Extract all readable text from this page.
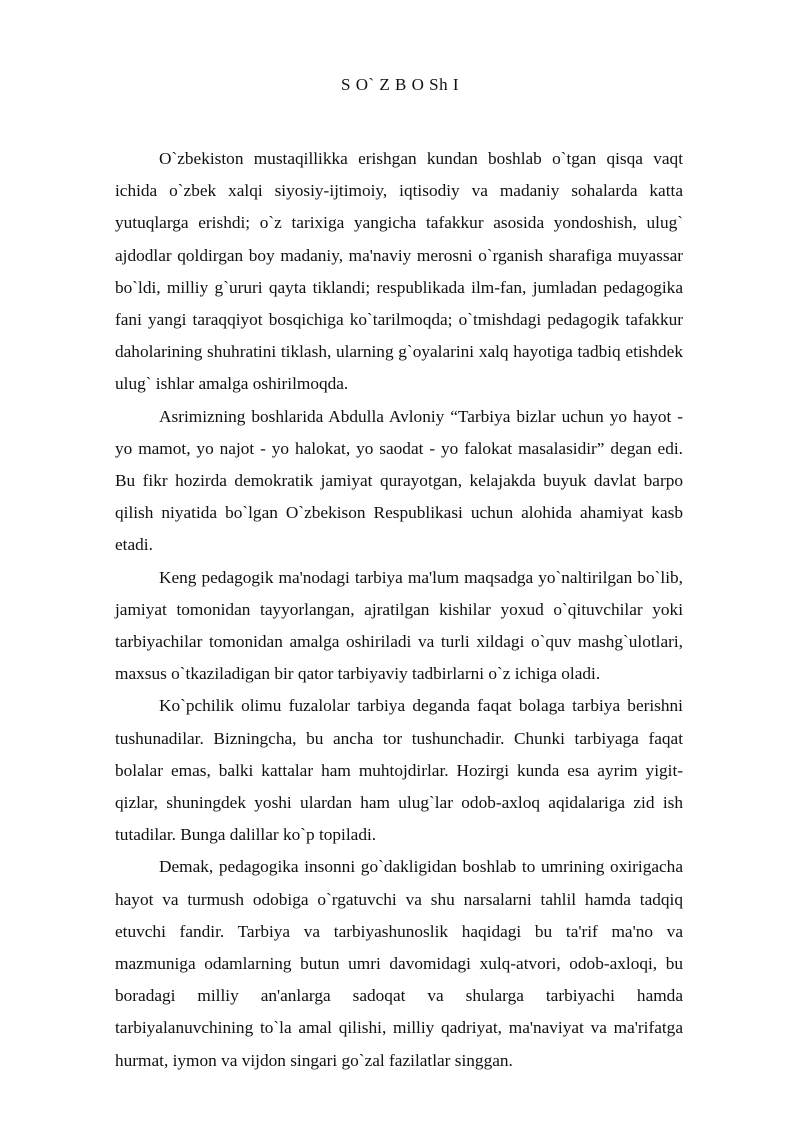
S O` Z B O Sh I

O`zbekiston mustaqillikka erishgan kundan boshlab o`tgan qisqa vaqt ichida o`zbek xalqi siyosiy-ijtimoiy, iqtisodiy va madaniy sohalarda katta yutuqlarga erishdi; o`z tarixiga yangicha tafakkur asosida yondoshish, ulug` ajdodlar qoldirgan boy madaniy, ma'naviy merosni o`rganish sharafiga muyassar bo`ldi, milliy g`ururi qayta tiklandi; respublikada ilm-fan, jumladan pedagogika fani yangi taraqqiyot bosqichiga ko`tarilmoqda; o`tmishdagi pedagogik tafakkur daholarining shuhratini tiklash, ularning g`oyalarini xalq hayotiga tadbiq etishdek ulug` ishlar amalga oshirilmoqda.

Asrimizning boshlarida Abdulla Avloniy “Tarbiya bizlar uchun yo hayot - yo mamot, yo najot - yo halokat, yo saodat - yo falokat masalasidir” degan edi. Bu fikr hozirda demokratik jamiyat qurayotgan, kelajakda buyuk davlat barpo qilish niyatida bo`lgan O`zbekison Respublikasi uchun alohida ahamiyat kasb etadi.

Keng pedagogik ma'nodagi tarbiya ma'lum maqsadga yo`naltirilgan bo`lib, jamiyat tomonidan tayyorlangan, ajratilgan kishilar yoxud o`qituvchilar yoki tarbiyachilar tomonidan amalga oshiriladi va turli xildagi o`quv mashg`ulotlari, maxsus o`tkaziladigan bir qator tarbiyaviy tadbirlarni o`z ichiga oladi.

Ko`pchilik olimu fuzalolar tarbiya deganda faqat bolaga tarbiya berishni tushunadilar. Bizningcha, bu ancha tor tushunchadir. Chunki tarbiyaga faqat bolalar emas, balki kattalar ham muhtojdirlar. Hozirgi kunda esa ayrim yigit-qizlar, shuningdek yoshi ulardan ham ulug`lar odob-axloq aqidalariga zid ish tutadilar. Bunga dalillar ko`p topiladi.

Demak, pedagogika insonni go`dakligidan boshlab to umrining oxirigacha hayot va turmush odobiga o`rgatuvchi va shu narsalarni tahlil hamda tadqiq etuvchi fandir. Tarbiya va tarbiyashunoslik haqidagi bu ta'rif ma'no va mazmuniga odamlarning butun umri davomidagi xulq-atvori, odob-axloqi, bu boradagi milliy an'anlarga sadoqat va shularga tarbiyachi hamda tarbiyalanuvchining to`la amal qilishi, milliy qadriyat, ma'naviyat va ma'rifatga hurmat, iymon va vijdon singari go`zal fazilatlar singgan.
